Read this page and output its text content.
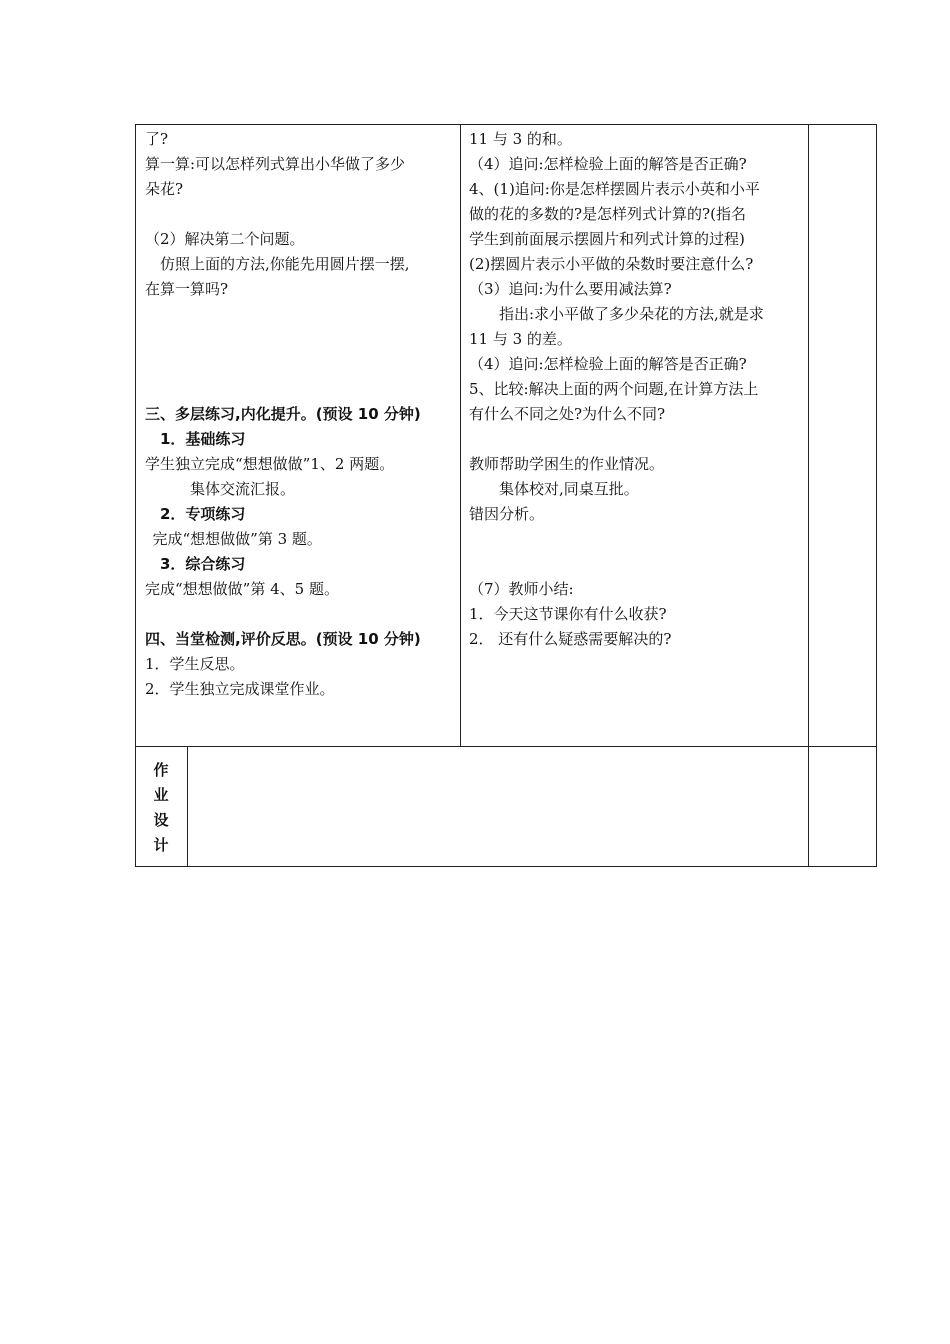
了?
算一算:可以怎样列式算出小华做了多少
朵花?
（2）解决第二个问题。
仿照上面的方法,你能先用圆片摆一摆,
在算一算吗?
三、多层练习,内化提升。(预设 10 分钟)
1．基础练习
学生独立完成“想想做做”1、2 两题。
集体交流汇报。
2．专项练习
完成“想想做做”第 3 题。
3．综合练习
完成“想想做做”第 4、5 题。
四、当堂检测,评价反思。(预设 10 分钟)
1．学生反思。
2．学生独立完成课堂作业。
11 与 3 的和。
（4）追问:怎样检验上面的解答是否正确?
4、(1)追问:你是怎样摆圆片表示小英和小平
做的花的多数的?是怎样列式计算的?(指名
学生到前面展示摆圆片和列式计算的过程)
(2)摆圆片表示小平做的朵数时要注意什么?
（3）追问:为什么要用减法算?
指出:求小平做了多少朵花的方法,就是求
11 与 3 的差。
（4）追问:怎样检验上面的解答是否正确?
5、比较:解决上面的两个问题,在计算方法上
有什么不同之处?为什么不同?
教师帮助学困生的作业情况。
集体校对,同桌互批。
错因分析。
（7）教师小结:
1．今天这节课你有什么收获?
2． 还有什么疑惑需要解决的?
作
业
设
计
